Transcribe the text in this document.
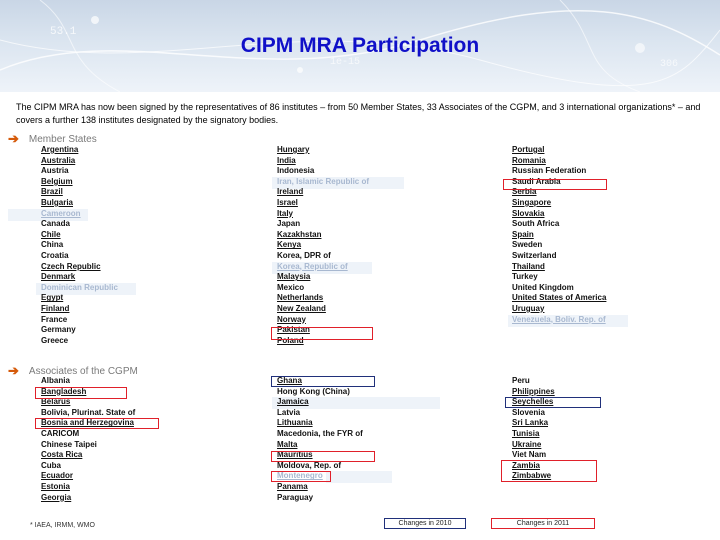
53.1
1e-15	306
CIPM MRA Participation
The CIPM MRA has now been signed by the representatives of 86 institutes – from 50 Member States, 33 Associates of the CGPM, and 3 international organizations* – and covers a further 138 institutes designated by the signatory bodies.
➔ Member States
Argentina
Australia
Austria
Belgium
Brazil
Bulgaria
Cameroon
Canada
Chile
China
Croatia
Czech Republic
Denmark
Dominican Republic
Egypt
Finland
France
Germany
Greece
Hungary
India
Indonesia
Iran, Islamic Republic of
Ireland
Israel
Italy
Japan
Kazakhstan
Kenya
Korea, DPR of
Korea, Republic of
Malaysia
Mexico
Netherlands
New Zealand
Norway
Pakistan
Poland
Portugal
Romania
Russian Federation
Saudi Arabia
Serbia
Singapore
Slovakia
South Africa
Spain
Sweden
Switzerland
Thailand
Turkey
United Kingdom
United States of America
Uruguay
Venezuela, Boliv. Rep. of
➔ Associates of the CGPM
Albania
Bangladesh
Belarus
Bolivia, Plurinat. State of
Bosnia and Herzegovina
CARICOM
Chinese Taipei
Costa Rica
Cuba
Ecuador
Estonia
Georgia
Ghana
Hong Kong (China)
Jamaica
Latvia
Lithuania
Macedonia, the FYR of
Malta
Mauritius
Moldova, Rep. of
Montenegro
Panama
Paraguay
Peru
Philippines
Seychelles
Slovenia
Sri Lanka
Tunisia
Ukraine
Viet Nam
Zambia
Zimbabwe
* IAEA, IRMM, WMO	Changes in 2010	Changes in 2011
